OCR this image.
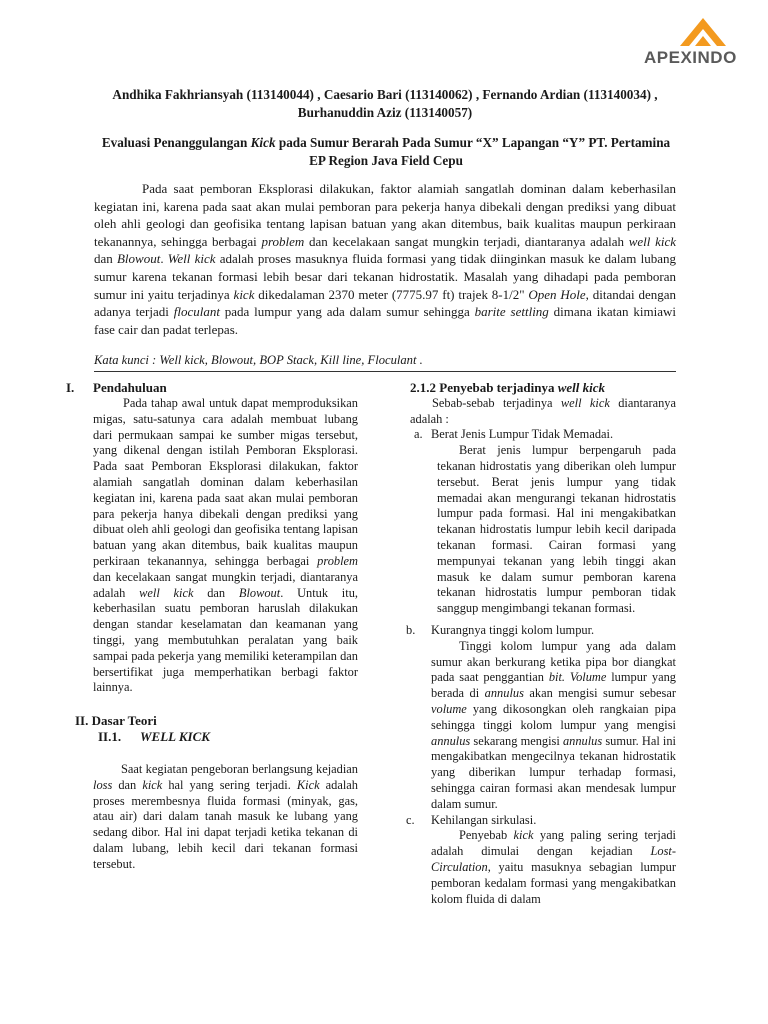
APEXINDO
Andhika Fakhriansyah (113140044) , Caesario Bari (113140062) , Fernando Ardian (113140034) , Burhanuddin Aziz (113140057)
Evaluasi Penanggulangan Kick pada Sumur Berarah Pada Sumur “X” Lapangan “Y” PT. Pertamina EP Region Java Field Cepu

Pada saat pemboran Eksplorasi dilakukan, faktor alamiah sangatlah dominan dalam keberhasilan kegiatan ini, karena pada saat akan mulai pemboran para pekerja hanya dibekali dengan prediksi yang dibuat oleh ahli geologi dan geofisika tentang lapisan batuan yang akan ditembus, baik kualitas maupun perkiraan tekanannya, sehingga berbagai problem dan kecelakaan sangat mungkin terjadi, diantaranya adalah well kick dan Blowout. Well kick adalah proses masuknya fluida formasi yang tidak diinginkan masuk ke dalam lubang sumur karena tekanan formasi lebih besar dari tekanan hidrostatik. Masalah yang dihadapi pada pemboran sumur ini yaitu terjadinya kick dikedalaman 2370 meter (7775.97 ft) trajek 8-1/2" Open Hole, ditandai dengan adanya terjadi floculant pada lumpur yang ada dalam sumur sehingga barite settling dimana ikatan kimiawi fase cair dan padat terlepas.

Kata kunci : Well kick, Blowout, BOP Stack, Kill line, Floculant .
I. Pendahuluan

Pada tahap awal untuk dapat memproduksikan migas, satu-satunya cara adalah membuat lubang dari permukaan sampai ke sumber migas tersebut, yang dikenal dengan istilah Pemboran Eksplorasi. Pada saat Pemboran Eksplorasi dilakukan, faktor alamiah sangatlah dominan dalam keberhasilan kegiatan ini, karena pada saat akan mulai pemboran para pekerja hanya dibekali dengan prediksi yang dibuat oleh ahli geologi dan geofisika tentang lapisan batuan yang akan ditembus, baik kualitas maupun perkiraan tekanannya, sehingga berbagai problem dan kecelakaan sangat mungkin terjadi, diantaranya adalah well kick dan Blowout. Untuk itu, keberhasilan suatu pemboran haruslah dilakukan dengan standar keselamatan dan keamanan yang tinggi, yang membutuhkan peralatan yang baik sampai pada pekerja yang memiliki keterampilan dan bersertifikat juga memperhatikan berbagi faktor lainnya.

II. Dasar Teori
II.1. WELL KICK

Saat kegiatan pengeboran berlangsung kejadian loss dan kick hal yang sering terjadi. Kick adalah proses merembesnya fluida formasi (minyak, gas, atau air) dari dalam tanah masuk ke lubang yang sedang dibor. Hal ini dapat terjadi ketika tekanan di dalam lubang, lebih kecil dari tekanan formasi tersebut.

2.1.2 Penyebab terjadinya well kick

Sebab-sebab terjadinya well kick diantaranya adalah :

a. Berat Jenis Lumpur Tidak Memadai.

Berat jenis lumpur berpengaruh pada tekanan hidrostatis yang diberikan oleh lumpur tersebut. Berat jenis lumpur yang tidak memadai akan mengurangi tekanan hidrostatis lumpur pada formasi. Hal ini mengakibatkan tekanan hidrostatis lumpur lebih kecil daripada tekanan formasi. Cairan formasi yang mempunyai tekanan yang lebih tinggi akan masuk ke dalam sumur pemboran karena tekanan hidrostatis lumpur pemboran tidak sanggup mengimbangi tekanan formasi.

b. Kurangnya tinggi kolom lumpur.

Tinggi kolom lumpur yang ada dalam sumur akan berkurang ketika pipa bor diangkat pada saat penggantian bit. Volume lumpur yang berada di annulus akan mengisi sumur sebesar volume yang dikosongkan oleh rangkaian pipa sehingga tinggi kolom lumpur yang mengisi annulus sekarang mengisi annulus sumur. Hal ini mengakibatkan mengecilnya tekanan hidrostatik yang diberikan lumpur terhadap formasi, sehingga cairan formasi akan mendesak lumpur dalam sumur.

c. Kehilangan sirkulasi.

Penyebab kick yang paling sering terjadi adalah dimulai dengan kejadian Lost-Circulation, yaitu masuknya sebagian lumpur pemboran kedalam formasi yang mengakibatkan kolom fluida di dalam
